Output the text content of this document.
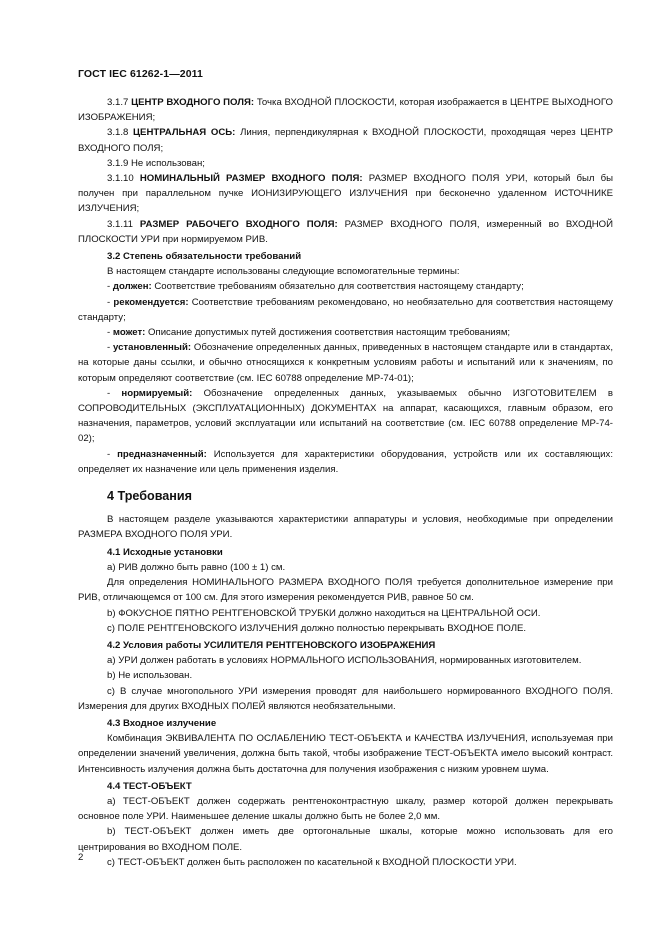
ГОСТ IEC 61262-1—2011
3.1.7 ЦЕНТР ВХОДНОГО ПОЛЯ: Точка ВХОДНОЙ ПЛОСКОСТИ, которая изображается в ЦЕНТРЕ ВЫХОДНОГО ИЗОБРАЖЕНИЯ;
3.1.8 ЦЕНТРАЛЬНАЯ ОСЬ: Линия, перпендикулярная к ВХОДНОЙ ПЛОСКОСТИ, проходящая через ЦЕНТР ВХОДНОГО ПОЛЯ;
3.1.9 Не использован;
3.1.10 НОМИНАЛЬНЫЙ РАЗМЕР ВХОДНОГО ПОЛЯ: РАЗМЕР ВХОДНОГО ПОЛЯ УРИ, который был бы получен при параллельном пучке ИОНИЗИРУЮЩЕГО ИЗЛУЧЕНИЯ при бесконечно удаленном ИСТОЧНИКЕ ИЗЛУЧЕНИЯ;
3.1.11 РАЗМЕР РАБОЧЕГО ВХОДНОГО ПОЛЯ: РАЗМЕР ВХОДНОГО ПОЛЯ, измеренный во ВХОДНОЙ ПЛОСКОСТИ УРИ при нормируемом РИВ.
3.2 Степень обязательности требований
В настоящем стандарте использованы следующие вспомогательные термины:
- должен: Соответствие требованиям обязательно для соответствия настоящему стандарту;
- рекомендуется: Соответствие требованиям рекомендовано, но необязательно для соответствия настоящему стандарту;
- может: Описание допустимых путей достижения соответствия настоящим требованиям;
- установленный: Обозначение определенных данных, приведенных в настоящем стандарте или в стандартах, на которые даны ссылки, и обычно относящихся к конкретным условиям работы и испытаний или к значениям, по которым определяют соответствие (см. IEC 60788 определение MP-74-01);
- нормируемый: Обозначение определенных данных, указываемых обычно ИЗГОТОВИТЕЛЕМ в СОПРОВОДИТЕЛЬНЫХ (ЭКСПЛУАТАЦИОННЫХ) ДОКУМЕНТАХ на аппарат, касающихся, главным образом, его назначения, параметров, условий эксплуатации или испытаний на соответствие (см. IEC 60788 определение MP-74-02);
- предназначенный: Используется для характеристики оборудования, устройств или их составляющих: определяет их назначение или цель применения изделия.
4 Требования
В настоящем разделе указываются характеристики аппаратуры и условия, необходимые при определении РАЗМЕРА ВХОДНОГО ПОЛЯ УРИ.
4.1 Исходные установки
a) РИВ должно быть равно (100 ± 1) см.
Для определения НОМИНАЛЬНОГО РАЗМЕРА ВХОДНОГО ПОЛЯ требуется дополнительное измерение при РИВ, отличающемся от 100 см. Для этого измерения рекомендуется РИВ, равное 50 см.
b) ФОКУСНОЕ ПЯТНО РЕНТГЕНОВСКОЙ ТРУБКИ должно находиться на ЦЕНТРАЛЬНОЙ ОСИ.
c) ПОЛЕ РЕНТГЕНОВСКОГО ИЗЛУЧЕНИЯ должно полностью перекрывать ВХОДНОЕ ПОЛЕ.
4.2 Условия работы УСИЛИТЕЛЯ РЕНТГЕНОВСКОГО ИЗОБРАЖЕНИЯ
a) УРИ должен работать в условиях НОРМАЛЬНОГО ИСПОЛЬЗОВАНИЯ, нормированных изготовителем.
b) Не использован.
c) В случае многопольного УРИ измерения проводят для наибольшего нормированного ВХОДНОГО ПОЛЯ. Измерения для других ВХОДНЫХ ПОЛЕЙ являются необязательными.
4.3 Входное излучение
Комбинация ЭКВИВАЛЕНТА ПО ОСЛАБЛЕНИЮ ТЕСТ-ОБЪЕКТА и КАЧЕСТВА ИЗЛУЧЕНИЯ, используемая при определении значений увеличения, должна быть такой, чтобы изображение ТЕСТ-ОБЪЕКТА имело высокий контраст. Интенсивность излучения должна быть достаточна для получения изображения с низким уровнем шума.
4.4 ТЕСТ-ОБЪЕКТ
a) ТЕСТ-ОБЪЕКТ должен содержать рентгеноконтрастную шкалу, размер которой должен перекрывать основное поле УРИ. Наименьшее деление шкалы должно быть не более 2,0 мм.
b) ТЕСТ-ОБЪЕКТ должен иметь две ортогональные шкалы, которые можно использовать для его центрирования во ВХОДНОМ ПОЛЕ.
c) ТЕСТ-ОБЪЕКТ должен быть расположен по касательной к ВХОДНОЙ ПЛОСКОСТИ УРИ.
2
